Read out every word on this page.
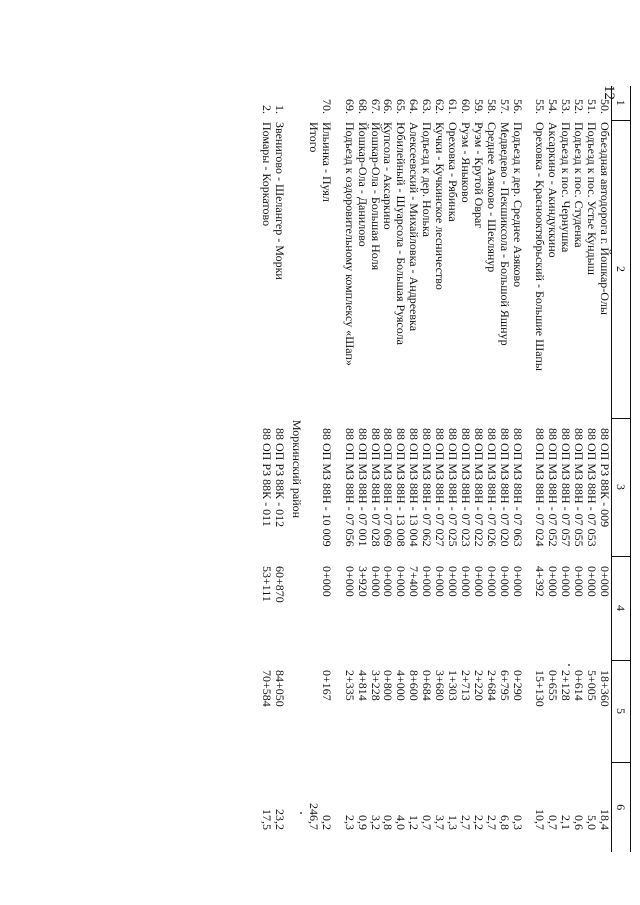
12
1	2	3	4	5	6
50.	Объездная автодорога г. Йошкар-Олы	88 ОП РЗ 88К - 009	0+000	18+360	18,4
51.	Подъезд к пос. Устье Кундыш	88 ОП МЗ 88Н - 07 053	0+000	5+005	5,0
52.	Подъезд к пос. Студенка	88 ОП МЗ 88Н - 07 055	0+000	0+614	0,6
53.	Подъезд к пос. Чернушка	88 ОП МЗ 88Н - 07 057	0+000	2+128	2,1
54.	Аксаркино - Акиндуккино	88 ОП МЗ 88Н - 07 052	0+000	0+655	0,7
55.	Ореховка - Краснооктябрьский - Большие Шапы	88 ОП МЗ 88Н - 07 024	4+392	15+130	10,7

56.	Подъезд к дер. Среднее Азяково	88 ОП МЗ 88Н - 07 063	0+000	0+290	0,3
57.	Медведево - Пекшиксола - Большой Яшнур	88 ОП МЗ 88Н - 07 020	0+000	6+795	6,8
58.	Среднее Азяково - Шеклянур	88 ОП МЗ 88Н - 07 026	0+000	2+684	2,7
59.	Руэм - Крутой Овраг	88 ОП МЗ 88Н - 07 022	0+000	2+220	2,2
60.	Руэм - Яныково	88 ОП МЗ 88Н - 07 023	0+000	2+713	2,7
61.	Ореховка - Рябинка	88 ОП МЗ 88Н - 07 025	0+000	1+303	1,3
62.	Кучки - Кучкинское лесничество	88 ОП МЗ 88Н - 07 027	0+000	3+680	3,7
63.	Подъезд к дер. Нолька	88 ОП МЗ 88Н - 07 062	0+000	0+684	0,7
64.	Алексеевский - Михайловка - Андреевка	88 ОП МЗ 88Н - 13 004	7+400	8+600	1,2
65.	Юбилейный - Шуарсола - Большая Руясола	88 ОП МЗ 88Н - 13 008	0+000	4+000	4,0
66.	Купсола - Аксаркино	88 ОП МЗ 88Н - 07 069	0+000	0+800	0,8
67.	Йошкар-Ола - Большая Ноля	88 ОП МЗ 88Н - 07 028	0+000	3+228	3,2
68.	Йошкар-Ола - Данилово	88 ОП МЗ 88Н - 07 001	3+920	4+814	0,9
69.	Подъезд к оздоровительному комплексу «Шап»	88 ОП МЗ 88Н - 07 056	0+000	2+335	2,3

70.	Ильинка - Пуял	88 ОП МЗ 88Н - 10 009	0+000	0+167	0,2
	Итого				246,7
Моркинский район					
1.	Звенигово - Шелангер - Морки	88 ОП РЗ 88К - 012	60+870	84+050	23,2
2.	Помары - Коркатово	88 ОП РЗ 88К - 011	53+111	70+584	17,5
